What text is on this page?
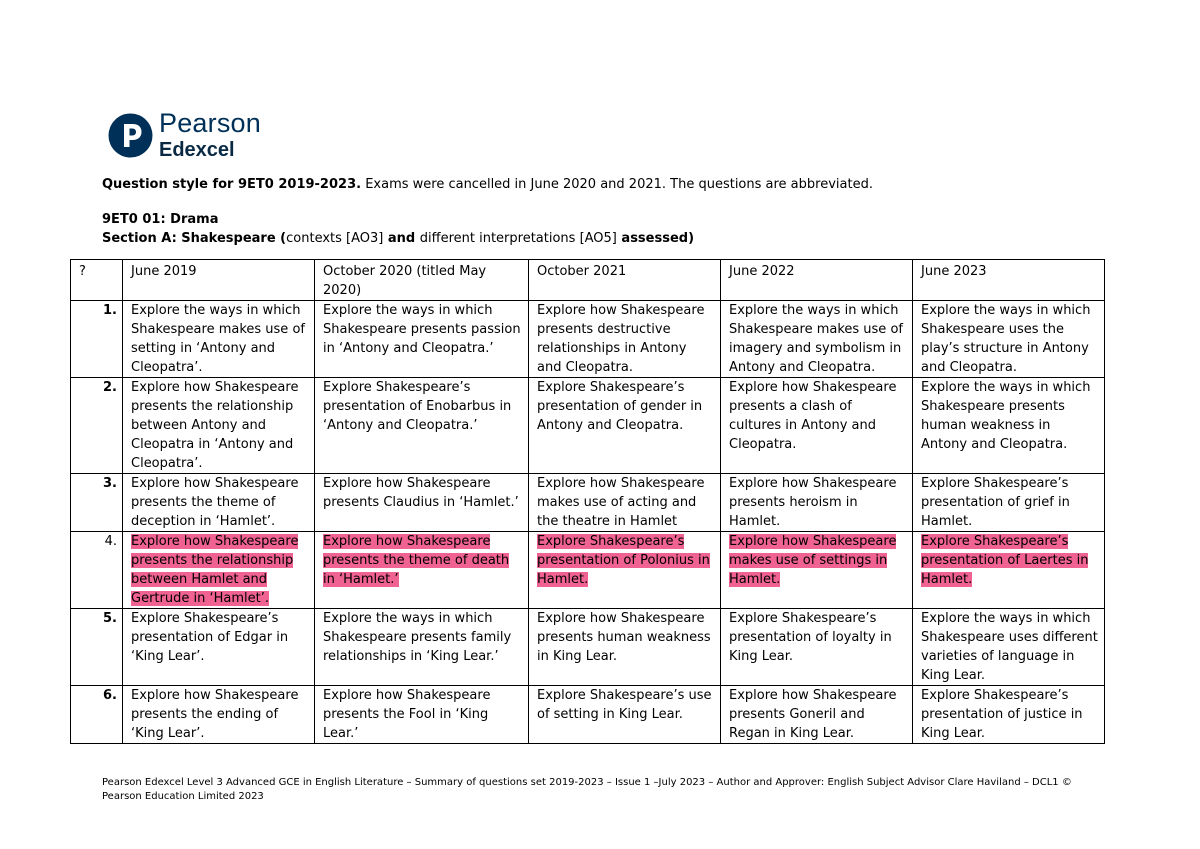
Pearson
Edexcel
Question style for 9ET0 2019-2023. Exams were cancelled in June 2020 and 2021. The questions are abbreviated.
9ET0 01: Drama
Section A: Shakespeare (contexts [AO3] and different interpretations [AO5] assessed)
?	June 2019	October 2020 (titled May 2020)	October 2021	June 2022	June 2023
1.	Explore the ways in which Shakespeare makes use of setting in ‘Antony and Cleopatra’.	Explore the ways in which Shakespeare presents passion in ‘Antony and Cleopatra.’	Explore how Shakespeare presents destructive relationships in Antony and Cleopatra.	Explore the ways in which Shakespeare makes use of imagery and symbolism in Antony and Cleopatra.	Explore the ways in which Shakespeare uses the play’s structure in Antony and Cleopatra.
2.	Explore how Shakespeare presents the relationship between Antony and Cleopatra in ‘Antony and Cleopatra’.	Explore Shakespeare’s presentation of Enobarbus in ‘Antony and Cleopatra.’	Explore Shakespeare’s presentation of gender in Antony and Cleopatra.	Explore how Shakespeare presents a clash of cultures in Antony and Cleopatra.	Explore the ways in which Shakespeare presents human weakness in Antony and Cleopatra.
3.	Explore how Shakespeare presents the theme of deception in ‘Hamlet’.	Explore how Shakespeare presents Claudius in ‘Hamlet.’	Explore how Shakespeare makes use of acting and the theatre in Hamlet	Explore how Shakespeare presents heroism in Hamlet.	Explore Shakespeare’s presentation of grief in Hamlet.
4.	Explore how Shakespeare presents the relationship between Hamlet and Gertrude in ‘Hamlet’.	Explore how Shakespeare presents the theme of death in ‘Hamlet.’	Explore Shakespeare’s presentation of Polonius in Hamlet.	Explore how Shakespeare makes use of settings in Hamlet.	Explore Shakespeare’s presentation of Laertes in Hamlet.
5.	Explore Shakespeare’s presentation of Edgar in ‘King Lear’.	Explore the ways in which Shakespeare presents family relationships in ‘King Lear.’	Explore how Shakespeare presents human weakness in King Lear.	Explore Shakespeare’s presentation of loyalty in King Lear.	Explore the ways in which Shakespeare uses different varieties of language in King Lear.
6.	Explore how Shakespeare presents the ending of ‘King Lear’.	Explore how Shakespeare presents the Fool in ‘King Lear.’	Explore Shakespeare’s use of setting in King Lear.	Explore how Shakespeare presents Goneril and Regan in King Lear.	Explore Shakespeare’s presentation of justice in King Lear.
Pearson Edexcel Level 3 Advanced GCE in English Literature – Summary of questions set 2019-2023 – Issue 1 –July 2023 – Author and Approver: English Subject Advisor Clare Haviland – DCL1 © Pearson Education Limited 2023
